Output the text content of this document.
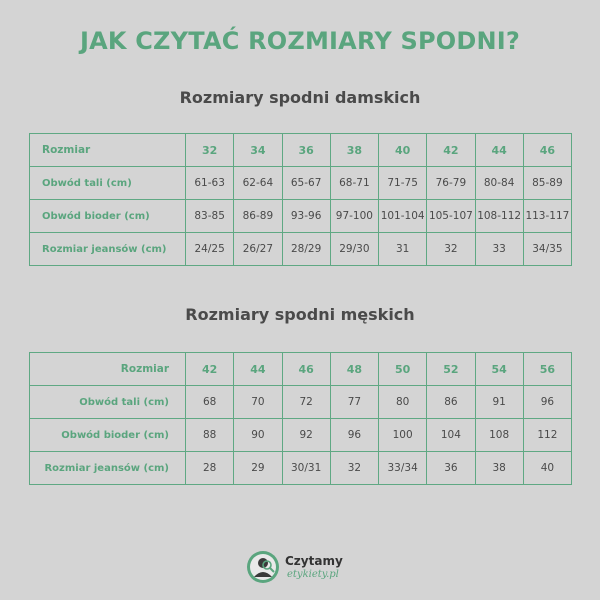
JAK CZYTAĆ ROZMIARY SPODNI?
Rozmiary spodni damskich
Rozmiar	32	34	36	38	40	42	44	46
Obwód tali (cm)	61-63	62-64	65-67	68-71	71-75	76-79	80-84	85-89
Obwód bioder (cm)	83-85	86-89	93-96	97-100	101-104	105-107	108-112	113-117
Rozmiar jeansów (cm)	24/25	26/27	28/29	29/30	31	32	33	34/35
Rozmiary spodni męskich
Rozmiar	42	44	46	48	50	52	54	56
Obwód tali (cm)	68	70	72	77	80	86	91	96
Obwód bioder (cm)	88	90	92	96	100	104	108	112
Rozmiar jeansów (cm)	28	29	30/31	32	33/34	36	38	40
Czytamy
etykiety.pl
